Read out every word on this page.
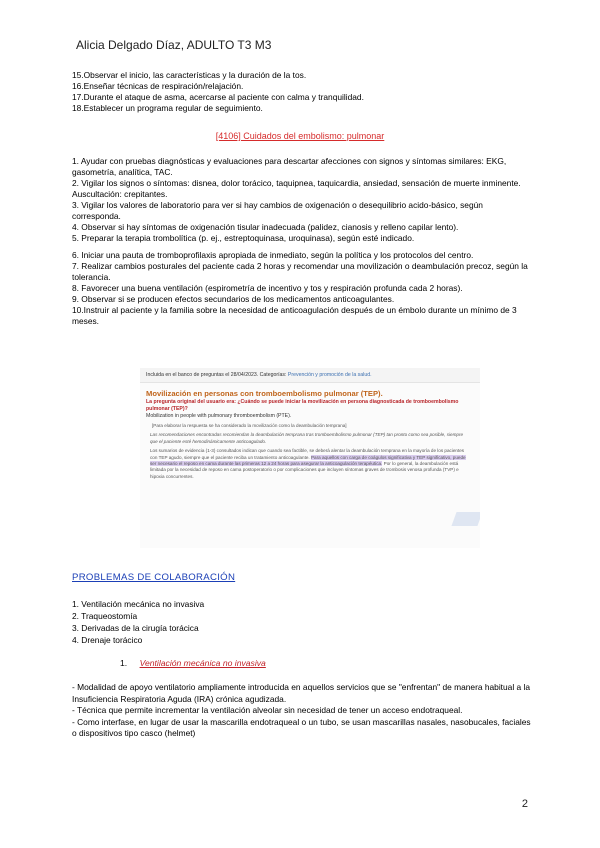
Alicia Delgado Díaz, ADULTO T3 M3

15.Observar el inicio, las características y la duración de la tos.

16.Enseñar técnicas de respiración/relajación.

17.Durante el ataque de asma, acercarse al paciente con calma y tranquilidad.

18.Establecer un programa regular de seguimiento.

[4106] Cuidados del embolismo: pulmonar

1. Ayudar con pruebas diagnósticas y evaluaciones para descartar afecciones con signos y síntomas similares: EKG, gasometría, analítica, TAC.

2. Vigilar los signos o síntomas: disnea, dolor torácico, taquipnea, taquicardia, ansiedad, sensación de muerte inminente. Auscultación: crepitantes.

3. Vigilar los valores de laboratorio para ver si hay cambios de oxigenación o desequilibrio acido-básico, según corresponda.

4. Observar si hay síntomas de oxigenación tisular inadecuada (palidez, cianosis y relleno capilar lento).

5. Preparar la terapia trombolítica (p. ej., estreptoquinasa, uroquinasa), según esté indicado.

6. Iniciar una pauta de tromboprofilaxis apropiada de inmediato, según la política y los protocolos del centro.

7. Realizar cambios posturales del paciente cada 2 horas y recomendar una movilización o deambulación precoz, según la tolerancia.

8. Favorecer una buena ventilación (espirometría de incentivo y tos y respiración profunda cada 2 horas).

9. Observar si se producen efectos secundarios de los medicamentos anticoagulantes.

10.Instruir al paciente y la familia sobre la necesidad de anticoagulación después de un émbolo durante un mínimo de 3 meses.

Incluida en el banco de preguntas el 28/04/2023. Categorías: Prevención y promoción de la salud.
Movilización en personas con tromboembolismo pulmonar (TEP).
La pregunta original del usuario era: ¿Cuándo se puede iniciar la movilización en persona diagnosticada de tromboembolismo pulmonar (TEP)?
Mobilization in people with pulmonary thromboembolism (PTE).
[Para elaborar la respuesta se ha considerado la movilización como la deambulación temprana]
Las recomendaciones encontradas recomiendan la deambulación temprana tras tromboembolismo pulmonar (TEP) tan pronto como sea posible, siempre que el paciente esté hemodinámicamente anticoagulado.
Los sumarios de evidencia (1-3) consultados indican que cuando sea factible, se deberá alentar la deambulación temprana en la mayoría de los pacientes con TEP agudo, siempre que el paciente reciba un tratamiento anticoagulante. Para aquellos con carga de coágulos significativa y TEP significativo, puede ser necesario el reposo en cama durante las primeras 12 a 24 horas para asegurar la anticoagulación terapéutica. Por lo general, la deambulación está limitada por la necesidad de reposo en cama postoperatorio o por complicaciones que incluyen síntomas graves de trombosis venosa profunda (TVP) e hipoxia concurrentes.
PROBLEMAS DE COLABORACIÓN
1. Ventilación mecánica no invasiva
2. Traqueostomía
3. Derivadas de la cirugía torácica
4. Drenaje torácico
1. Ventilación mecánica no invasiva

- Modalidad de apoyo ventilatorio ampliamente introducida en aquellos servicios que se "enfrentan" de manera habitual a la Insuficiencia Respiratoria Aguda (IRA) crónica agudizada.

- Técnica que permite incrementar la ventilación alveolar sin necesidad de tener un acceso endotraqueal.

- Como interfase, en lugar de usar la mascarilla endotraqueal o un tubo, se usan mascarillas nasales, nasobucales, faciales o dispositivos tipo casco (helmet)

2
